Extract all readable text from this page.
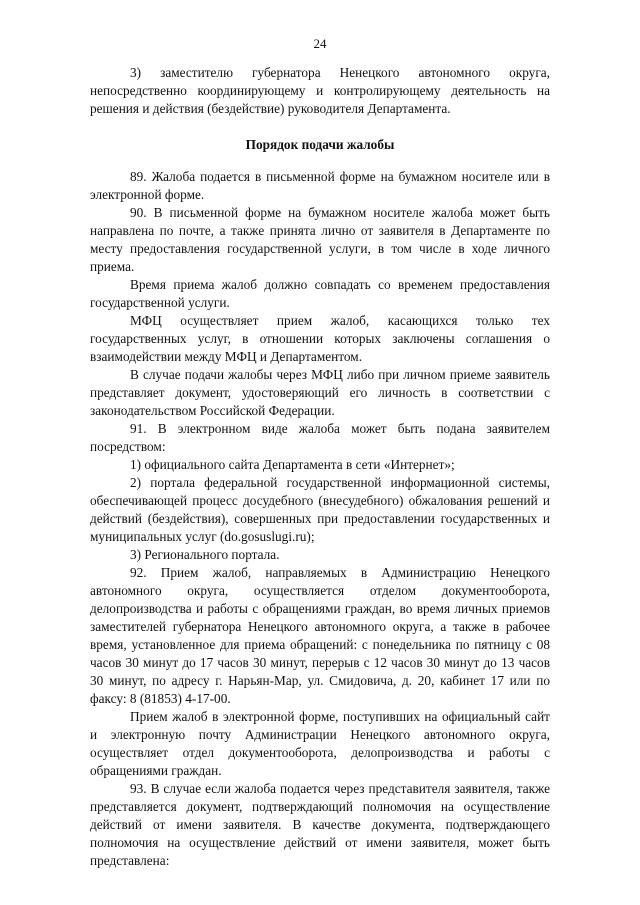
24

3) заместителю губернатора Ненецкого автономного округа, непосредственно координирующему и контролирующему деятельность на решения и действия (бездействие) руководителя Департамента.

Порядок подачи жалобы

89. Жалоба подается в письменной форме на бумажном носителе или в электронной форме.

90. В письменной форме на бумажном носителе жалоба может быть направлена по почте, а также принята лично от заявителя в Департаменте по месту предоставления государственной услуги, в том числе в ходе личного приема.

Время приема жалоб должно совпадать со временем предоставления государственной услуги.

МФЦ осуществляет прием жалоб, касающихся только тех государственных услуг, в отношении которых заключены соглашения о взаимодействии между МФЦ и Департаментом.

В случае подачи жалобы через МФЦ либо при личном приеме заявитель представляет документ, удостоверяющий его личность в соответствии с законодательством Российской Федерации.

91. В электронном виде жалоба может быть подана заявителем посредством:

1) официального сайта Департамента в сети «Интернет»;

2) портала федеральной государственной информационной системы, обеспечивающей процесс досудебного (внесудебного) обжалования решений и действий (бездействия), совершенных при предоставлении государственных и муниципальных услуг (do.gosuslugi.ru);

3) Регионального портала.

92. Прием жалоб, направляемых в Администрацию Ненецкого автономного округа, осуществляется отделом документооборота, делопроизводства и работы с обращениями граждан, во время личных приемов заместителей губернатора Ненецкого автономного округа, а также в рабочее время, установленное для приема обращений: с понедельника по пятницу с 08 часов 30 минут до 17 часов 30 минут, перерыв с 12 часов 30 минут до 13 часов 30 минут, по адресу г. Нарьян-Мар, ул. Смидовича, д. 20, кабинет 17 или по факсу: 8 (81853) 4-17-00.

Прием жалоб в электронной форме, поступивших на официальный сайт и электронную почту Администрации Ненецкого автономного округа, осуществляет отдел документооборота, делопроизводства и работы с обращениями граждан.

93. В случае если жалоба подается через представителя заявителя, также представляется документ, подтверждающий полномочия на осуществление действий от имени заявителя. В качестве документа, подтверждающего полномочия на осуществление действий от имени заявителя, может быть представлена:
